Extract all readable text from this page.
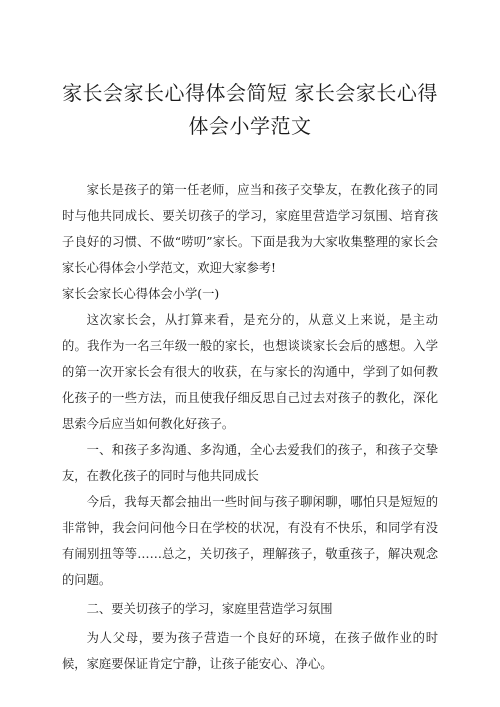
家长会家长心得体会简短 家长会家长心得
体会小学范文

家长是孩子的第一任老师，应当和孩子交挚友，在教化孩子的同时与他共同成长、要关切孩子的学习，家庭里营造学习氛围、培育孩子良好的习惯、不做“唠叨”家长。下面是我为大家收集整理的家长会家长心得体会小学范文，欢迎大家参考!

家长会家长心得体会小学(一)

这次家长会，从打算来看，是充分的，从意义上来说，是主动的。我作为一名三年级一般的家长，也想谈谈家长会后的感想。入学的第一次开家长会有很大的收获，在与家长的沟通中，学到了如何教化孩子的一些方法，而且使我仔细反思自己过去对孩子的教化，深化思索今后应当如何教化好孩子。

一、和孩子多沟通、多沟通，全心去爱我们的孩子，和孩子交挚友，在教化孩子的同时与他共同成长

今后，我每天都会抽出一些时间与孩子聊闲聊，哪怕只是短短的非常钟，我会问问他今日在学校的状况，有没有不快乐，和同学有没有闹别扭等等……总之，关切孩子，理解孩子，敬重孩子，解决观念的问题。

二、要关切孩子的学习，家庭里营造学习氛围

为人父母，要为孩子营造一个良好的环境，在孩子做作业的时候，家庭要保证肯定宁静，让孩子能安心、净心。
